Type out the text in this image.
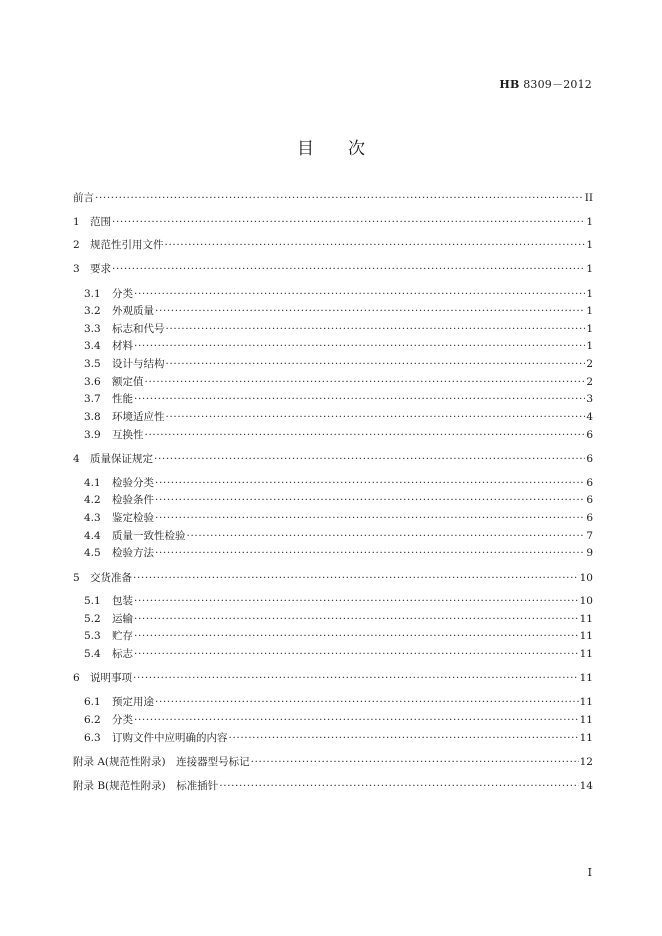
HB 8309－2012
目次
前言 ·····	II
1 范围 ·····	1
2 规范性引用文件 ·····	1
3 要求 ·····	1
3.1	分类 ·····	1
3.2	外观质量 ·····	1
3.3	标志和代号 ·····	1
3.4	材料 ·····	1
3.5	设计与结构 ·····	2
3.6	额定值 ·····	2
3.7	性能 ·····	3
3.8	环境适应性 ·····	4
3.9	互换性 ·····	6
4 质量保证规定 ·····	6
4.1	检验分类 ·····	6
4.2	检验条件 ·····	6
4.3	鉴定检验 ·····	6
4.4	质量一致性检验 ·····	7
4.5	检验方法 ·····	9
5 交货准备 ·····	10
5.1	包装 ·····	10
5.2	运输 ·····	11
5.3	贮存 ·····	11
5.4	标志 ·····	11
6 说明事项 ·····	11
6.1	预定用途 ·····	11
6.2	分类 ·····	11
6.3	订购文件中应明确的内容 ·····	11
附录 A(规范性附录)　连接器型号标记 ·····	12
附录 B(规范性附录)　标准插针 ·····	14
I
